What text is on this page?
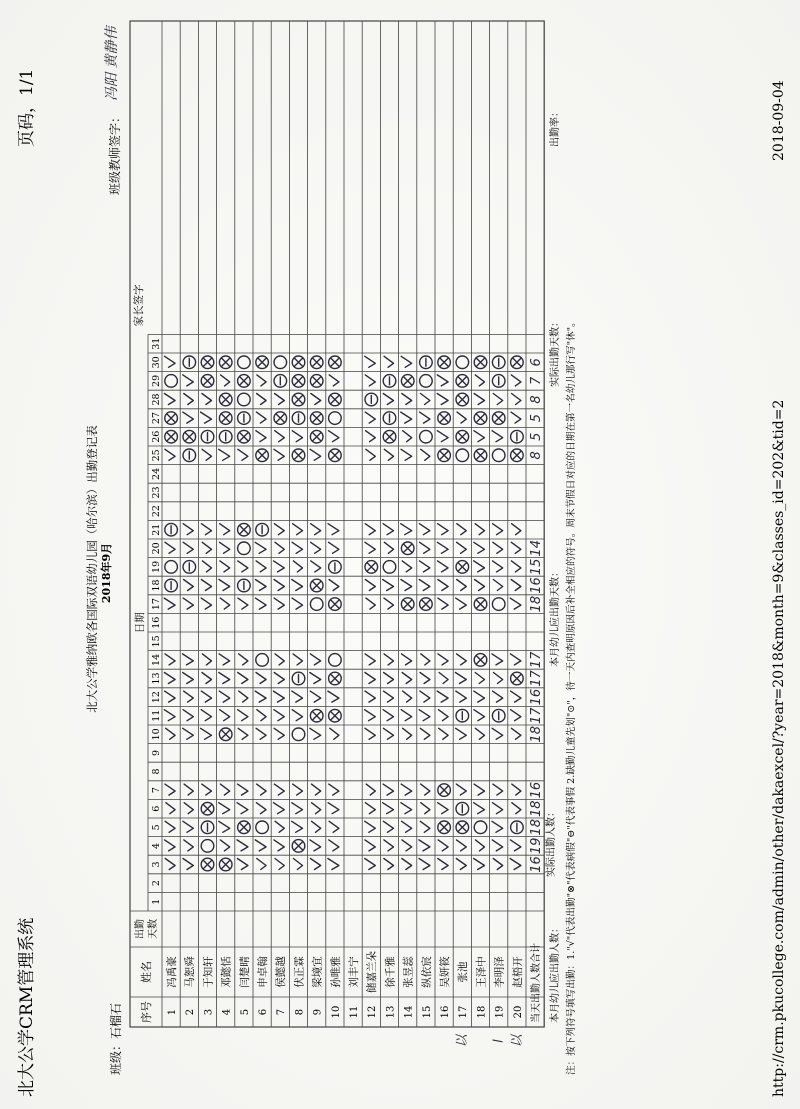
北大公学CRM管理系统
页码，1/1
http://crm.pkucollege.com/admin/other/dakaexcel/?year=2018&month=9&classes_id=202&tid=2
2018-09-04
北大公学雅纳欧各国际双语幼儿园（哈尔滨）出勤登记表 2018年9月
班级：石榴石
班级教师签字：
冯阳 黄静伟
序号
姓名
出勤 天数
日期
家长签字
1
2
3
4
5
6
7
8
9
10
11
12
13
14
15
16
17
18
19
20
21
22
23
24
25
26
27
28
29
30
31
1
冯禹豪
2
马恕舜
3
于知轩
4
邓懿恬
5
闫楚晴
6
申卓翰
7
侯懿越
8
伏正霖
9
梁境宜
10
孙唯雅
11
刘丰宁
12
储嘉兰朵
13
徐千雅
14
张昱蕊
15
纵依宸
16
吴妍筱
17
张池
18
王泽中
19
李明泽
20
赵梧开 当天出勤人数合计
16
19
18
18
16
18
17
16
17
17
18
16
15
14
8
5
5
8
7
6
以 l 以
本月幼儿应出勤人数：
实际出勤人数：
本月幼儿应出勤天数：
实际出勤天数：
出勤率：
注：按下列符号填写出勤：1."√"代表出勤"⊗"代表病假"⊖"代表事假 2.缺勤儿童先划"⊙"，待一天内查明原因后补全相应的符号。周末节假日对应的日期在第一名幼儿那行写"休"。
